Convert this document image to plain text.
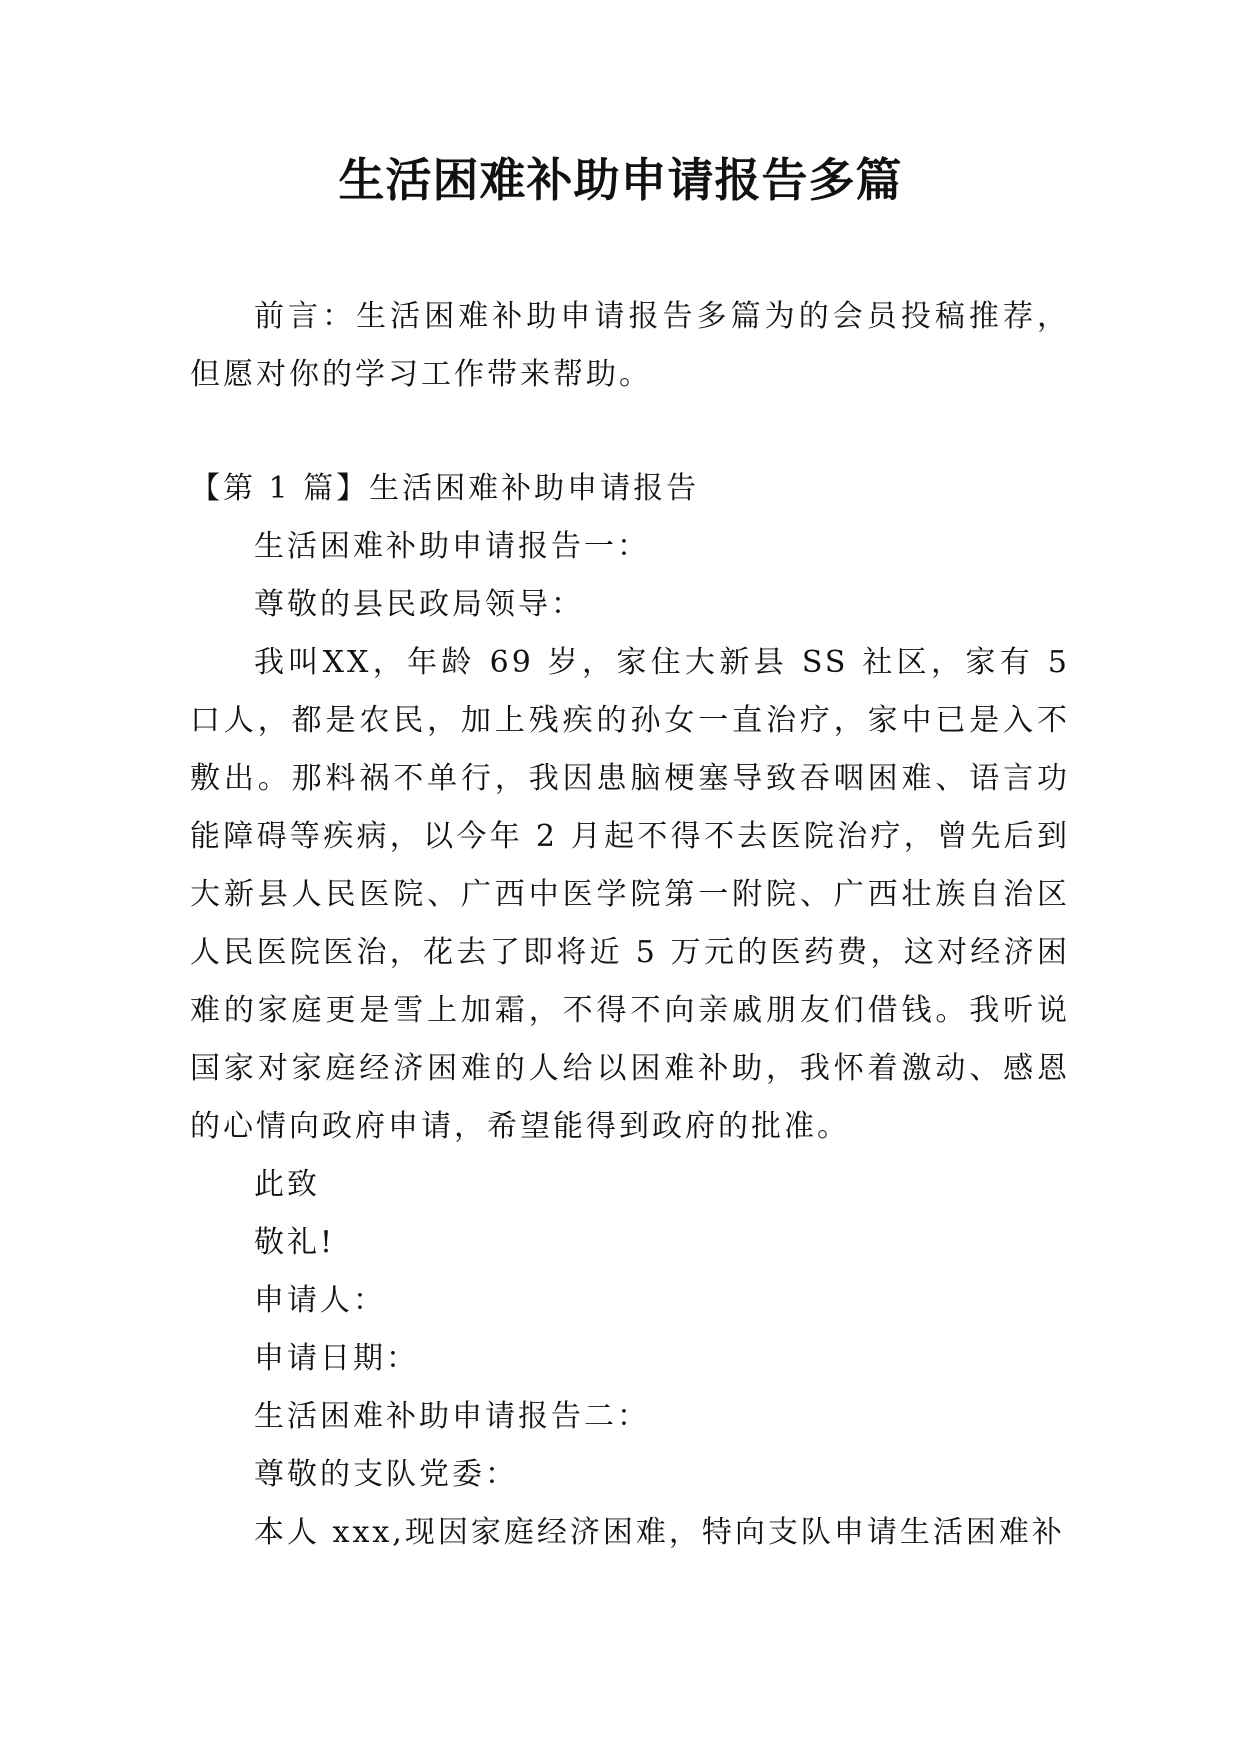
生活困难补助申请报告多篇

前言：生活困难补助申请报告多篇为的会员投稿推荐，但愿对你的学习工作带来帮助。

【第 1 篇】生活困难补助申请报告

生活困难补助申请报告一：

尊敬的县民政局领导：

我叫XX，年龄 69 岁，家住大新县 SS 社区，家有 5 口人，都是农民，加上残疾的孙女一直治疗，家中已是入不敷出。那料祸不单行，我因患脑梗塞导致吞咽困难、语言功能障碍等疾病，以今年 2 月起不得不去医院治疗，曾先后到大新县人民医院、广西中医学院第一附院、广西壮族自治区人民医院医治，花去了即将近 5 万元的医药费，这对经济困难的家庭更是雪上加霜，不得不向亲戚朋友们借钱。我听说国家对家庭经济困难的人给以困难补助，我怀着激动、感恩的心情向政府申请，希望能得到政府的批准。

此致

敬礼!

申请人：

申请日期：

生活困难补助申请报告二：

尊敬的支队党委：

本人 xxx,现因家庭经济困难，特向支队申请生活困难补
